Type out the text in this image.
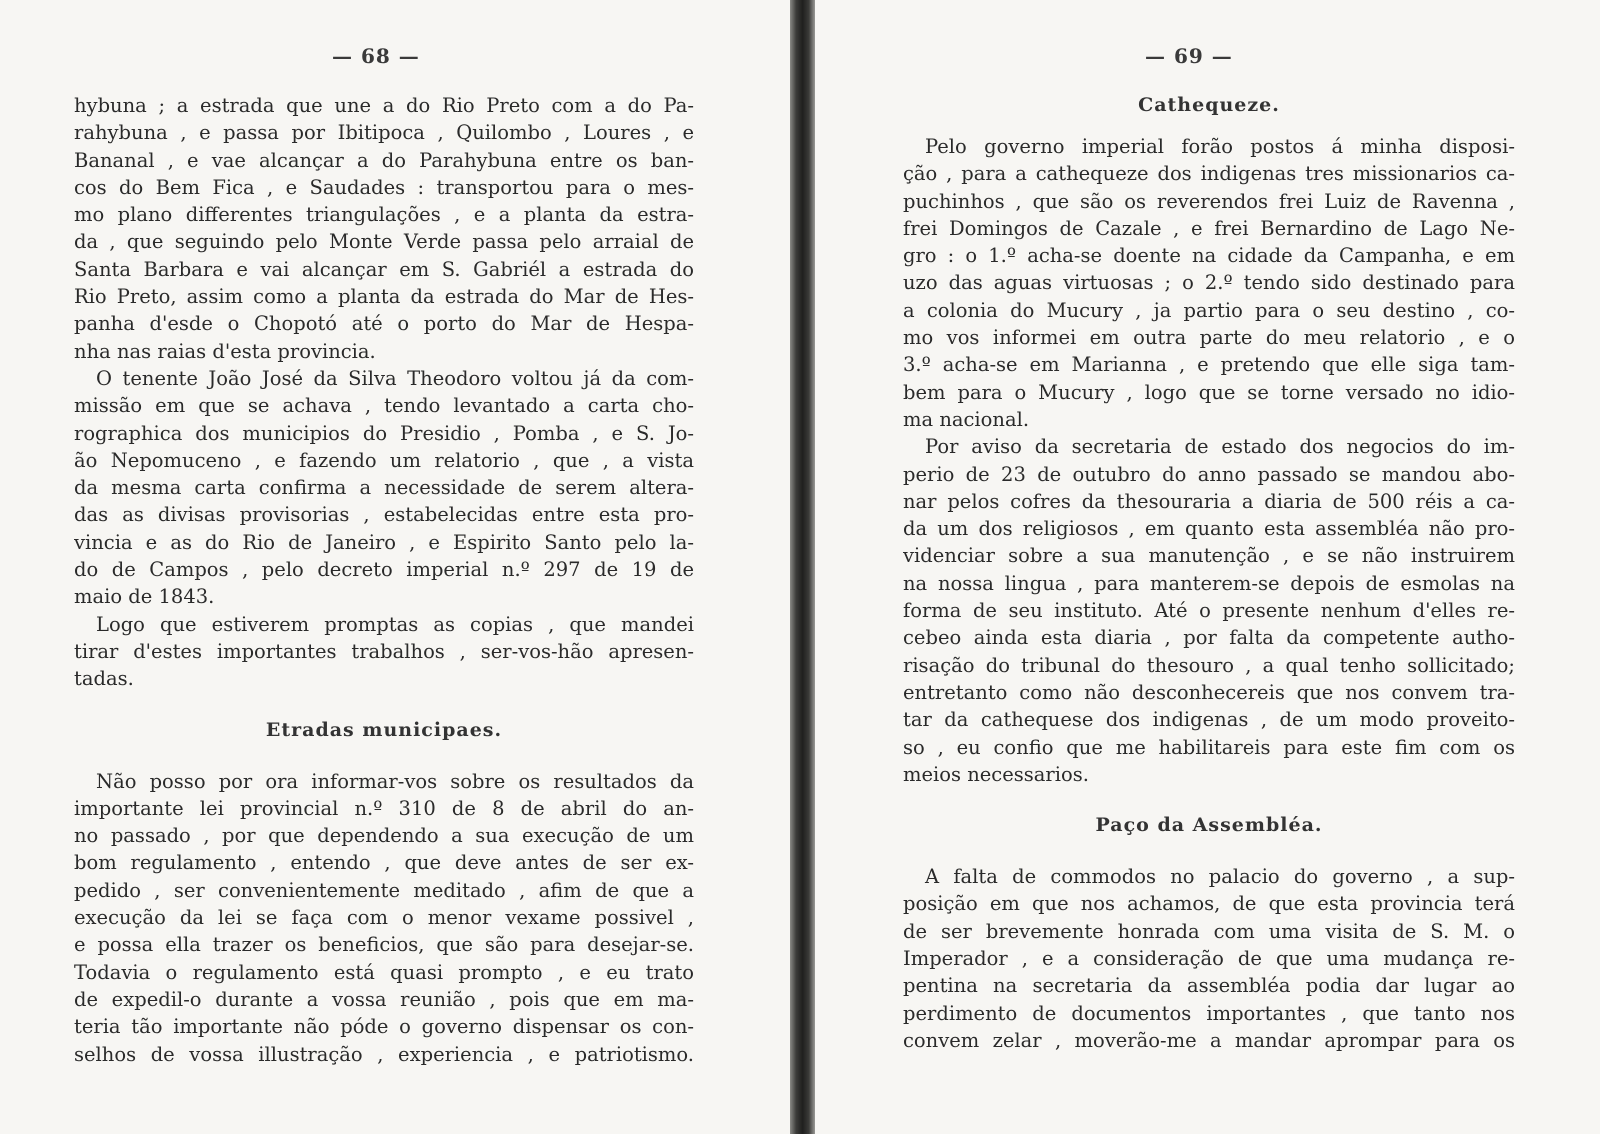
— 68 —
hybuna ; a estrada que une a do Rio Preto com a do Pa-
rahybuna , e passa por Ibitipoca , Quilombo , Loures , e
Bananal , e vae alcançar a do Parahybuna entre os ban-
cos do Bem Fica , e Saudades : transportou para o mes-
mo plano differentes triangulações , e a planta da estra-
da , que seguindo pelo Monte Verde passa pelo arraial de
Santa Barbara e vai alcançar em S. Gabriél a estrada do
Rio Preto, assim como a planta da estrada do Mar de Hes-
panha d'esde o Chopotó até o porto do Mar de Hespa-
nha nas raias d'esta provincia.
O tenente João José da Silva Theodoro voltou já da com-
missão em que se achava , tendo levantado a carta cho-
rographica dos municipios do Presidio , Pomba , e S. Jo-
ão Nepomuceno , e fazendo um relatorio , que , a vista
da mesma carta confirma a necessidade de serem altera-
das as divisas provisorias , estabelecidas entre esta pro-
vincia e as do Rio de Janeiro , e Espirito Santo pelo la-
do de Campos , pelo decreto imperial n.º 297 de 19 de
maio de 1843.
Logo que estiverem promptas as copias , que mandei
tirar d'estes importantes trabalhos , ser-vos-hão apresen-
tadas.
Etradas municipaes.
Não posso por ora informar-vos sobre os resultados da
importante lei provincial n.º 310 de 8 de abril do an-
no passado , por que dependendo a sua execução de um
bom regulamento , entendo , que deve antes de ser ex-
pedido , ser convenientemente meditado , afim de que a
execução da lei se faça com o menor vexame possivel ,
e possa ella trazer os beneficios, que são para desejar-se.
Todavia o regulamento está quasi prompto , e eu trato
de expedil-o durante a vossa reunião , pois que em ma-
teria tão importante não póde o governo dispensar os con-
selhos de vossa illustração , experiencia , e patriotismo.
— 69 —
Cathequeze.
Pelo governo imperial forão postos á minha disposi-
ção , para a cathequeze dos indigenas tres missionarios ca-
puchinhos , que são os reverendos frei Luiz de Ravenna ,
frei Domingos de Cazale , e frei Bernardino de Lago Ne-
gro : o 1.º acha-se doente na cidade da Campanha, e em
uzo das aguas virtuosas ; o 2.º tendo sido destinado para
a colonia do Mucury , ja partio para o seu destino , co-
mo vos informei em outra parte do meu relatorio , e o
3.º acha-se em Marianna , e pretendo que elle siga tam-
bem para o Mucury , logo que se torne versado no idio-
ma nacional.
Por aviso da secretaria de estado dos negocios do im-
perio de 23 de outubro do anno passado se mandou abo-
nar pelos cofres da thesouraria a diaria de 500 réis a ca-
da um dos religiosos , em quanto esta assembléa não pro-
videnciar sobre a sua manutenção , e se não instruirem
na nossa lingua , para manterem-se depois de esmolas na
forma de seu instituto. Até o presente nenhum d'elles re-
cebeo ainda esta diaria , por falta da competente autho-
risação do tribunal do thesouro , a qual tenho sollicitado;
entretanto como não desconhecereis que nos convem tra-
tar da cathequese dos indigenas , de um modo proveito-
so , eu confio que me habilitareis para este fim com os
meios necessarios.
Paço da Assembléa.
A falta de commodos no palacio do governo , a sup-
posição em que nos achamos, de que esta provincia terá
de ser brevemente honrada com uma visita de S. M. o
Imperador , e a consideração de que uma mudança re-
pentina na secretaria da assembléa podia dar lugar ao
perdimento de documentos importantes , que tanto nos
convem zelar , moverão-me a mandar aprompar para os
